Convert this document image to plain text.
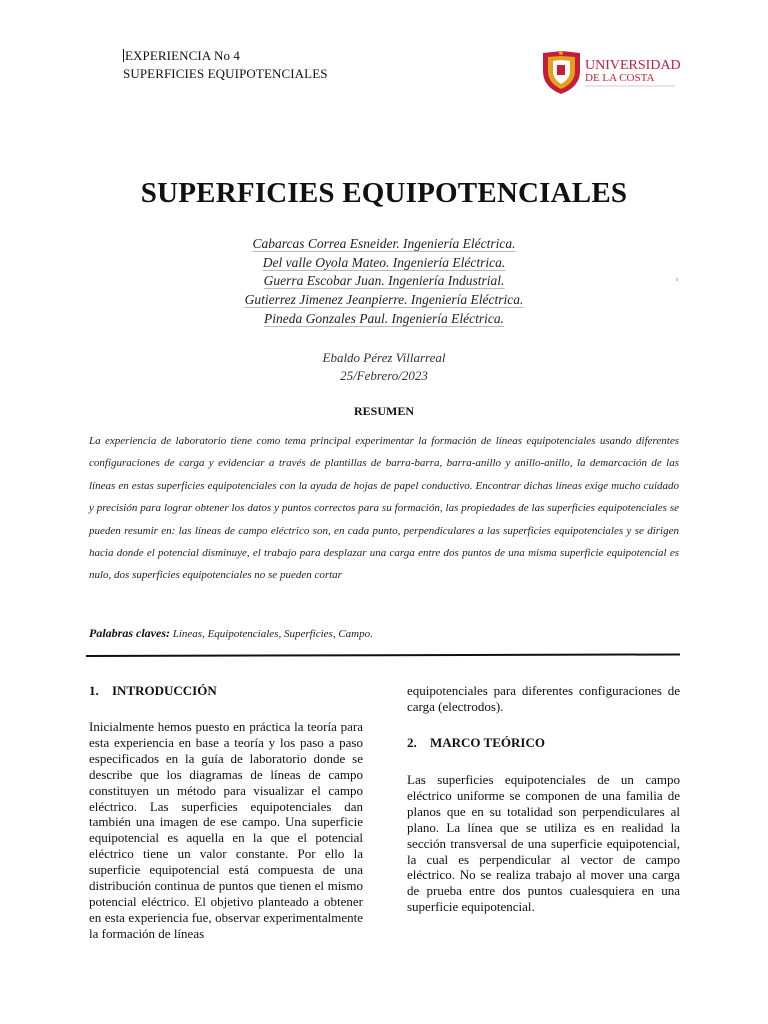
EXPERIENCIA No 4
SUPERFICIES EQUIPOTENCIALES
UNIVERSIDAD
DE LA COSTA
SUPERFICIES EQUIPOTENCIALES
Cabarcas Correa Esneider. Ingeniería Eléctrica.
Del valle Oyola Mateo. Ingeniería Eléctrica.
Guerra Escobar Juan. Ingeniería Industrial.
Gutierrez Jimenez Jeanpierre. Ingeniería Eléctrica.
Pineda Gonzales Paul. Ingeniería Eléctrica.
Ebaldo Pérez Villarreal
25/Febrero/2023
RESUMEN
La experiencia de laboratorio tiene como tema principal experimentar la formación de líneas equipotenciales usando diferentes configuraciones de carga y evidenciar a través de plantillas de barra-barra, barra-anillo y anillo-anillo, la demarcación de las líneas en estas superficies equipotenciales con la ayuda de hojas de papel conductivo. Encontrar dichas líneas exige mucho cuidado y precisión para lograr obtener los datos y puntos correctos para su formación, las propiedades de las superficies equipotenciales se pueden resumir en: las líneas de campo eléctrico son, en cada punto, perpendiculares a las superficies equipotenciales y se dirigen hacia donde el potencial disminuye, el trabajo para desplazar una carga entre dos puntos de una misma superficie equipotencial es nulo, dos superficies equipotenciales no se pueden cortar
Palabras claves: Líneas, Equipotenciales, Superficies, Campo.
1. INTRODUCCIÓN
Inicialmente hemos puesto en práctica la teoría para esta experiencia en base a teoría y los paso a paso especificados en la guía de laboratorio donde se describe que los diagramas de líneas de campo constituyen un método para visualizar el campo eléctrico. Las superficies equipotenciales dan también una imagen de ese campo. Una superficie equipotencial es aquella en la que el potencial eléctrico tiene un valor constante. Por ello la superficie equipotencial está compuesta de una distribución continua de puntos que tienen el mismo potencial eléctrico. El objetivo planteado a obtener en esta experiencia fue, observar experimentalmente la formación de líneas
equipotenciales para diferentes configuraciones de carga (electrodos).
2. MARCO TEÓRICO
Las superficies equipotenciales de un campo eléctrico uniforme se componen de una familia de planos que en su totalidad son perpendiculares al plano. La línea que se utiliza es en realidad la sección transversal de una superficie equipotencial, la cual es perpendicular al vector de campo eléctrico. No se realiza trabajo al mover una carga de prueba entre dos puntos cualesquiera en una superficie equipotencial.
